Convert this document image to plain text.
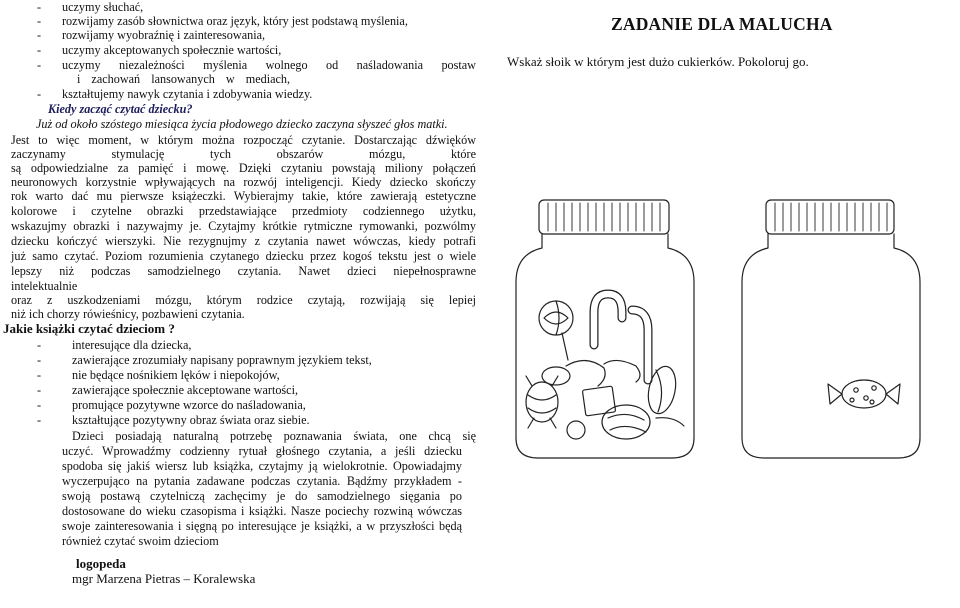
- uczymy słuchać,
- rozwijamy zasób słownictwa oraz język, który jest podstawą myślenia,
- rozwijamy wyobraźnię i zainteresowania,
- uczymy akceptowanych społecznie wartości,
- uczymy niezależności myślenia wolnego od naśladowania postaw
i zachowań lansowanych w mediach,
- kształtujemy nawyk czytania i zdobywania wiedzy.
Kiedy zacząć czytać dziecku?
Już od około szóstego miesiąca życia płodowego dziecko zaczyna słyszeć głos matki.
Jest to więc moment, w którym można rozpocząć czytanie. Dostarczając dźwięków
zaczynamy stymulację tych obszarów mózgu, które
są odpowiedzialne za pamięć i mowę. Dzięki czytaniu powstają miliony połączeń
neuronowych korzystnie wpływających na rozwój inteligencji. Kiedy dziecko skończy
rok warto dać mu pierwsze książeczki. Wybierajmy takie, które zawierają estetyczne
kolorowe i czytelne obrazki przedstawiające przedmioty codziennego użytku,
wskazujmy obrazki i nazywajmy je. Czytajmy krótkie rytmiczne rymowanki, pozwólmy
dziecku kończyć wierszyki. Nie rezygnujmy z czytania nawet wówczas, kiedy potrafi
już samo czytać. Poziom rozumienia czytanego dziecku przez kogoś tekstu jest o wiele
lepszy niż podczas samodzielnego czytania. Nawet dzieci niepełnosprawne
intelektualnie
oraz z uszkodzeniami mózgu, którym rodzice czytają, rozwijają się lepiej
niż ich chorzy rówieśnicy, pozbawieni czytania.
Jakie książki czytać dzieciom ?
-	interesujące dla dziecka,
-	zawierające zrozumiały napisany poprawnym językiem tekst,
-	nie będące nośnikiem lęków i niepokojów,
-	zawierające społecznie akceptowane wartości,
-	promujące pozytywne wzorce do naśladowania,
-	kształtujące pozytywny obraz świata oraz siebie.
Dzieci posiadają naturalną potrzebę poznawania świata, one chcą się
uczyć. Wprowadźmy codzienny rytuał głośnego czytania, a jeśli dziecku
spodoba się jakiś wiersz lub książka, czytajmy ją wielokrotnie. Opowiadajmy
wyczerpująco na pytania zadawane podczas czytania. Bądźmy przykładem -
swoją postawą czytelniczą zachęcimy je do samodzielnego sięgania po
dostosowane do wieku czasopisma i książki. Nasze pociechy rozwiną wówczas
swoje zainteresowania i sięgną po interesujące je książki, a w przyszłości będą
również czytać swoim dzieciom
logopeda
mgr Marzena Pietras – Koralewska
ZADANIE DLA MALUCHA
Wskaż słoik w którym jest dużo cukierków. Pokoloruj go.
